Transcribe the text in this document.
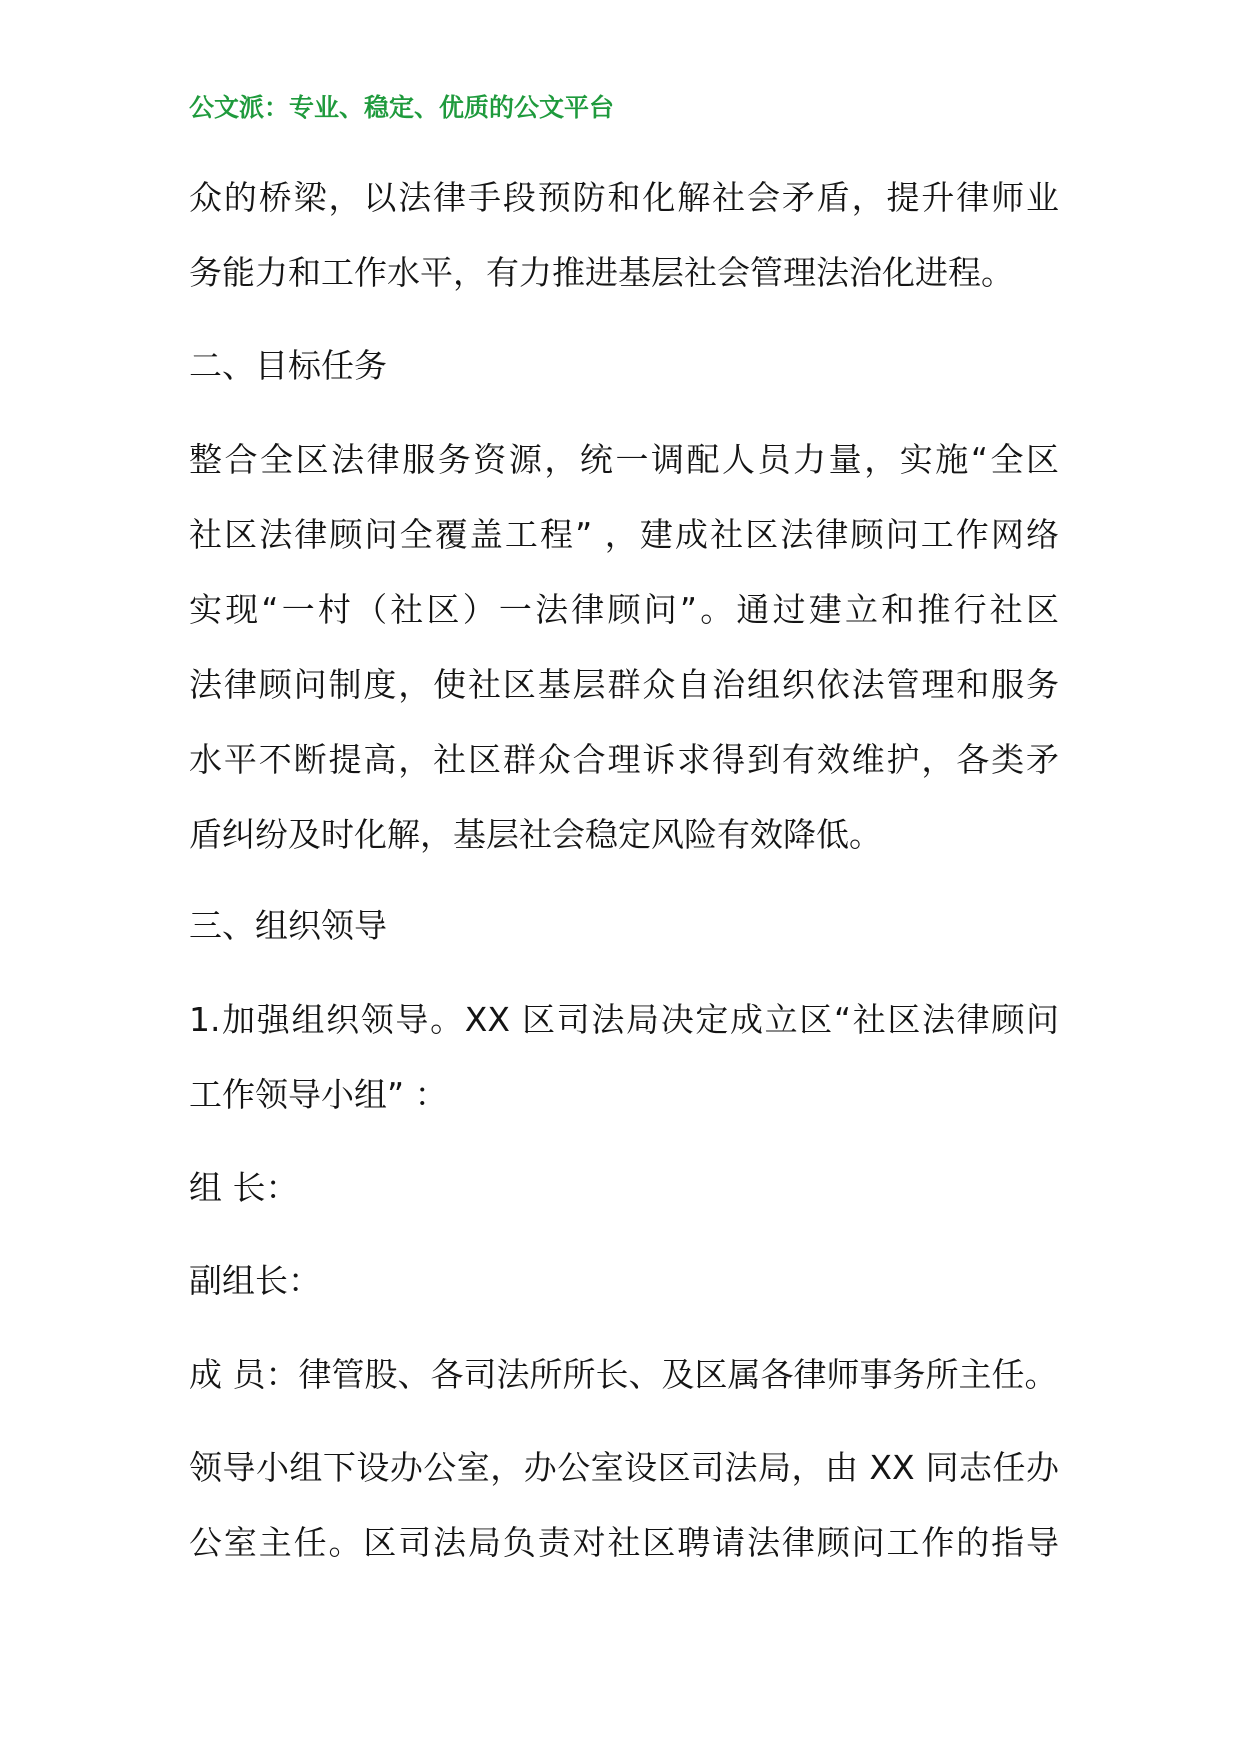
公文派：专业、稳定、优质的公文平台
众的桥梁，以法律手段预防和化解社会矛盾，提升律师业
务能力和工作水平，有力推进基层社会管理法治化进程。
二、目标任务
整合全区法律服务资源，统一调配人员力量，实施“全区
社区法律顾问全覆盖工程” ，建成社区法律顾问工作网络
实现“一村（社区）一法律顾问”。通过建立和推行社区
法律顾问制度，使社区基层群众自治组织依法管理和服务
水平不断提高，社区群众合理诉求得到有效维护，各类矛
盾纠纷及时化解，基层社会稳定风险有效降低。
三、组织领导
1.加强组织领导。XX 区司法局决定成立区“社区法律顾问
工作领导小组” ：
组 长：
副组长：
成 员：律管股、各司法所所长、及区属各律师事务所主任。
领导小组下设办公室，办公室设区司法局，由 XX 同志任办
公室主任。区司法局负责对社区聘请法律顾问工作的指导
